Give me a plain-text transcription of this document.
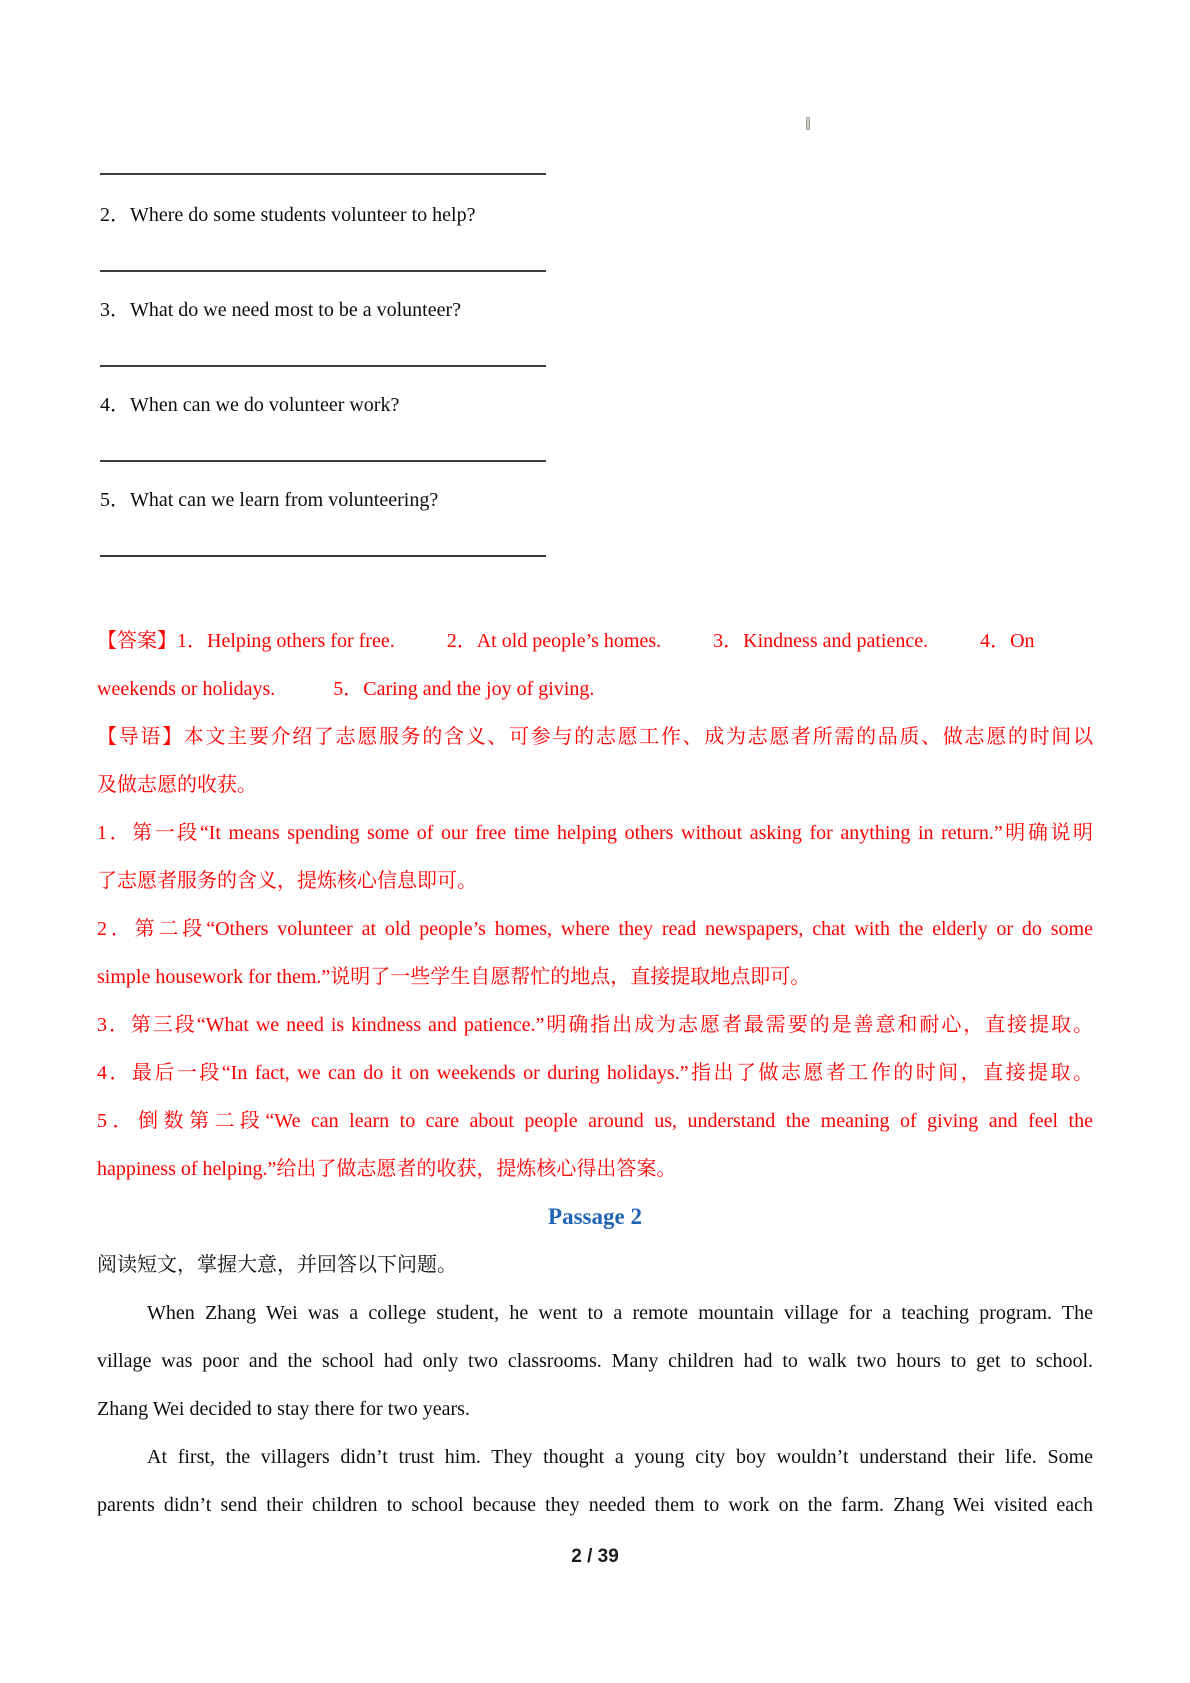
2．Where do some students volunteer to help?
3．What do we need most to be a volunteer?
4．When can we do volunteer work?
5．What can we learn from volunteering?
【答案】1．Helping others for free.	2．At old people’s homes.	3．Kindness and patience.	4．On
weekends or holidays.	5．Caring and the joy of giving.
【导语】本文主要介绍了志愿服务的含义、可参与的志愿工作、成为志愿者所需的品质、做志愿的时间以
及做志愿的收获。
1．第一段“It means spending some of our free time helping others without asking for anything in return.”明确说明
了志愿者服务的含义，提炼核心信息即可。
2．第二段“Others volunteer at old people’s homes, where they read newspapers, chat with the elderly or do some
simple housework for them.”说明了一些学生自愿帮忙的地点，直接提取地点即可。
3．第三段“What we need is kindness and patience.”明确指出成为志愿者最需要的是善意和耐心，直接提取。
4．最后一段“In fact, we can do it on weekends or during holidays.”指出了做志愿者工作的时间，直接提取。
5．倒数第二段“We can learn to care about people around us, understand the meaning of giving and feel the
happiness of helping.”给出了做志愿者的收获，提炼核心得出答案。
Passage 2
阅读短文，掌握大意，并回答以下问题。
When Zhang Wei was a college student, he went to a remote mountain village for a teaching program. The
village was poor and the school had only two classrooms. Many children had to walk two hours to get to school.
Zhang Wei decided to stay there for two years.
At first, the villagers didn’t trust him. They thought a young city boy wouldn’t understand their life. Some
parents didn’t send their children to school because they needed them to work on the farm. Zhang Wei visited each
2 / 39
